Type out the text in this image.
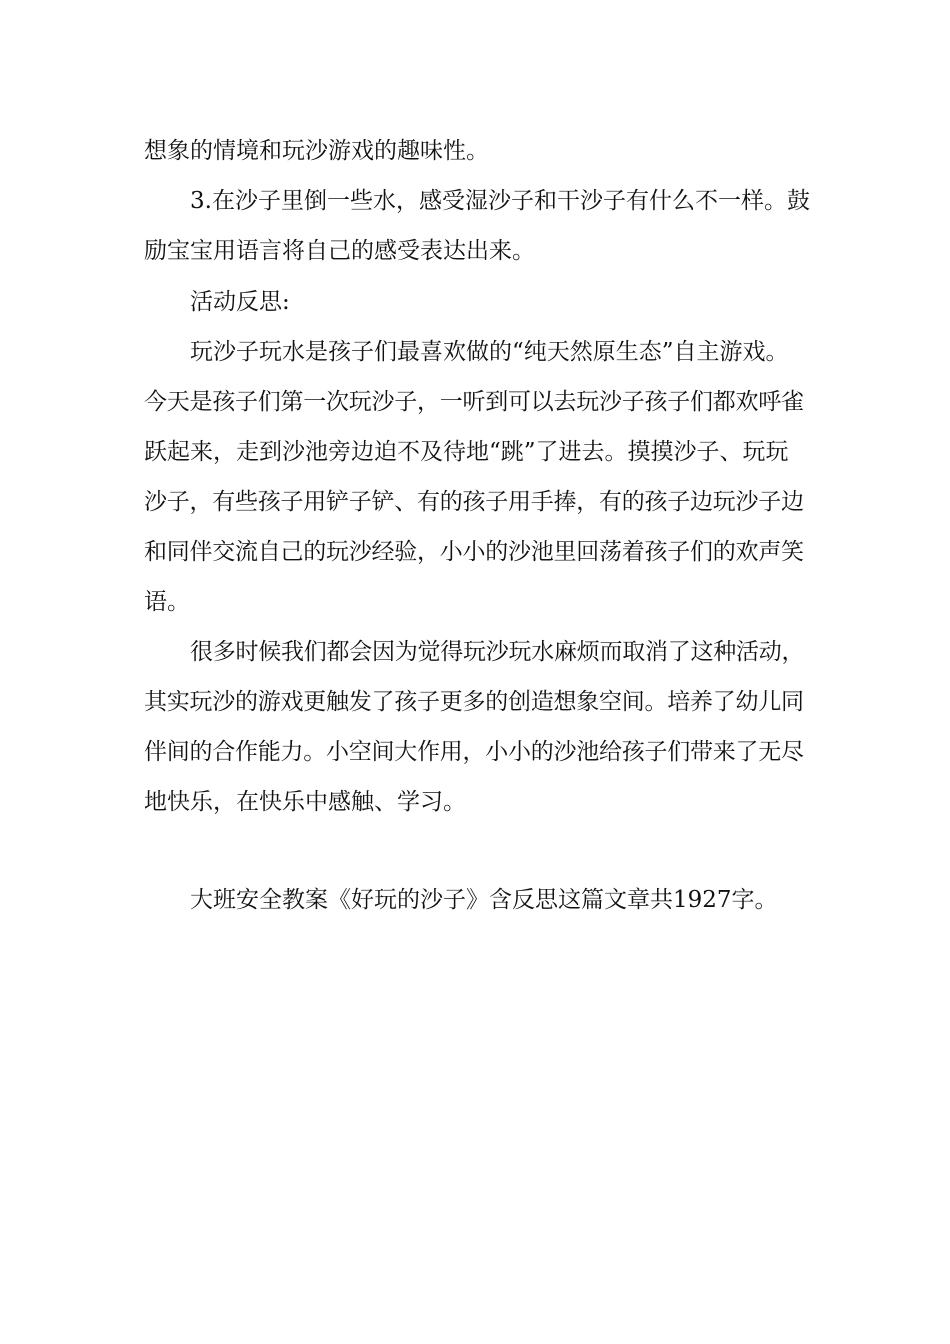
想象的情境和玩沙游戏的趣味性。
3.在沙子里倒一些水，感受湿沙子和干沙子有什么不一样。鼓
励宝宝用语言将自己的感受表达出来。
活动反思:
玩沙子玩水是孩子们最喜欢做的“纯天然原生态”自主游戏。
今天是孩子们第一次玩沙子，一听到可以去玩沙子孩子们都欢呼雀
跃起来，走到沙池旁边迫不及待地“跳”了进去。摸摸沙子、玩玩
沙子，有些孩子用铲子铲、有的孩子用手捧，有的孩子边玩沙子边
和同伴交流自己的玩沙经验，小小的沙池里回荡着孩子们的欢声笑
语。
很多时候我们都会因为觉得玩沙玩水麻烦而取消了这种活动，
其实玩沙的游戏更触发了孩子更多的创造想象空间。培养了幼儿同
伴间的合作能力。小空间大作用，小小的沙池给孩子们带来了无尽
地快乐，在快乐中感触、学习。
大班安全教案《好玩的沙子》含反思这篇文章共1927字。
